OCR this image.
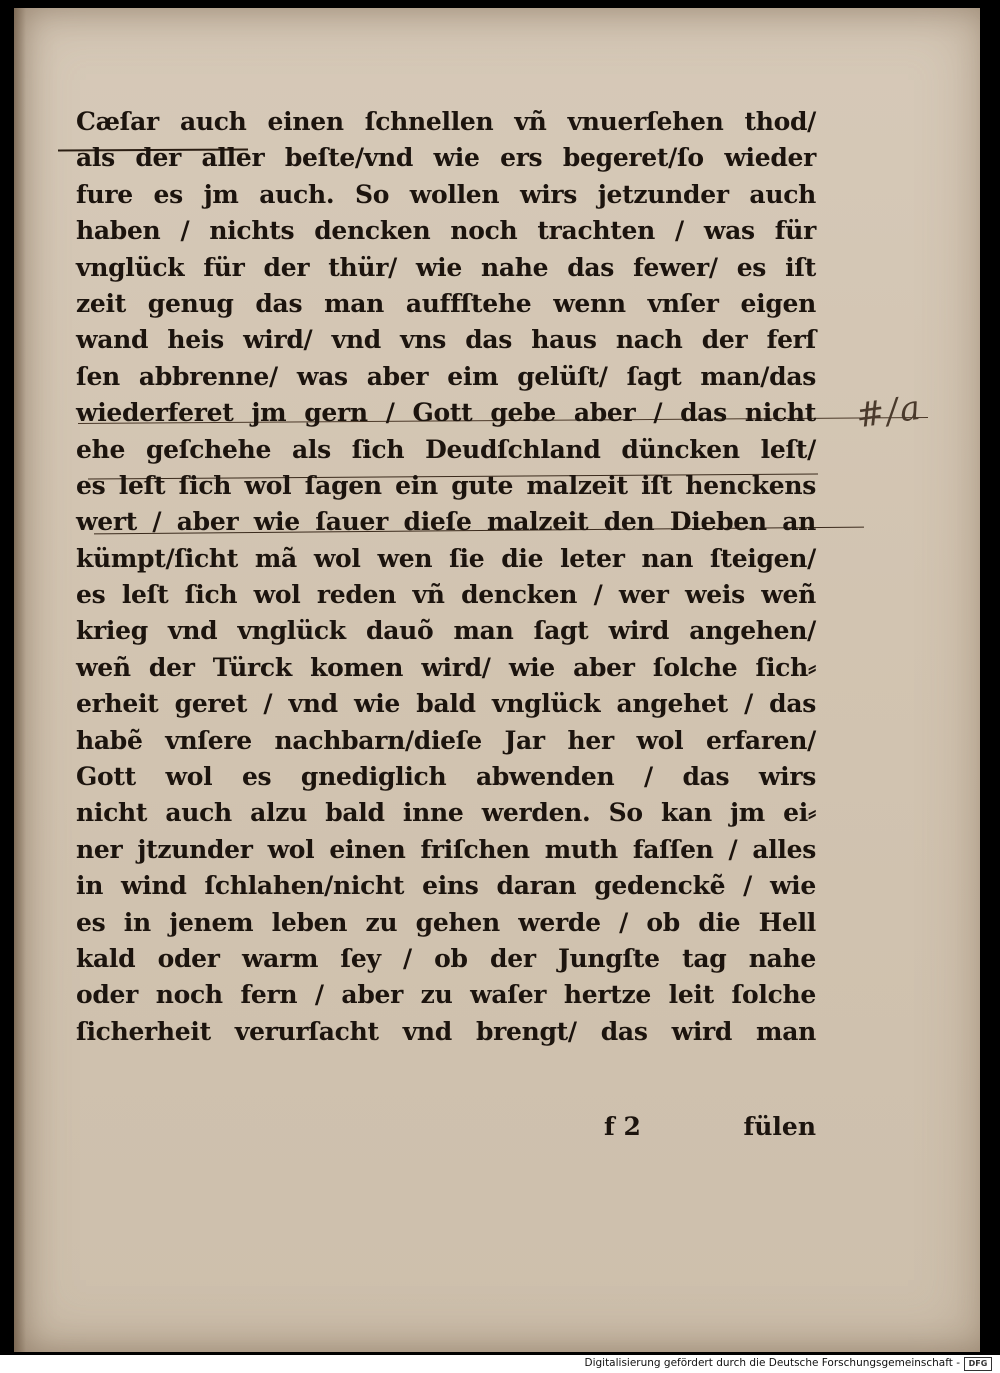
Cæſar auch einen ſchnellen vñ vnuerſehen thod/
als der aller beſte/vnd wie ers begeret/ſo wieder
fure es jm auch. So wollen wirs jetzunder auch
haben / nichts dencken noch trachten / was für
vnglück für der thür/ wie nahe das fewer/ es iſt
zeit genug das man auffſtehe wenn vnſer eigen
wand heis wird/ vnd vns das haus nach der ferſ
ſen abbrenne/ was aber eim gelüſt/ ſagt man/das
wiederferet jm gern / Gott gebe aber / das nicht
ehe geſchehe als ſich Deudſchland düncken leſt/
es leſt ſich wol ſagen ein gute malzeit iſt henckens
wert / aber wie ſauer dieſe malzeit den Dieben an
kümpt/ſicht mã wol wen ſie die leter nan ſteigen/
es leſt ſich wol reden vñ dencken / wer weis weñ
krieg vnd vnglück dauõ man ſagt wird angehen/
weñ der Türck komen wird/ wie aber ſolche ſich⸗
erheit geret / vnd wie bald vnglück angehet / das
habẽ vnſere nachbarn/dieſe Jar her wol erfaren/
Gott wol es gnediglich abwenden / das wirs
nicht auch alzu bald inne werden. So kan jm ei⸗
ner jtzunder wol einen friſchen muth faſſen / alles
in wind ſchlahen/nicht eins daran gedenckẽ / wie
es in jenem leben zu gehen werde / ob die Hell
kald oder warm ſey / ob der Jungſte tag nahe
oder noch fern / aber zu waſer hertze leit ſolche
ſicherheit verurſacht vnd brengt/ das wird man
f 2	fülen
#/a
Digitalisierung gefördert durch die Deutsche Forschungsgemeinschaft -	DFG
